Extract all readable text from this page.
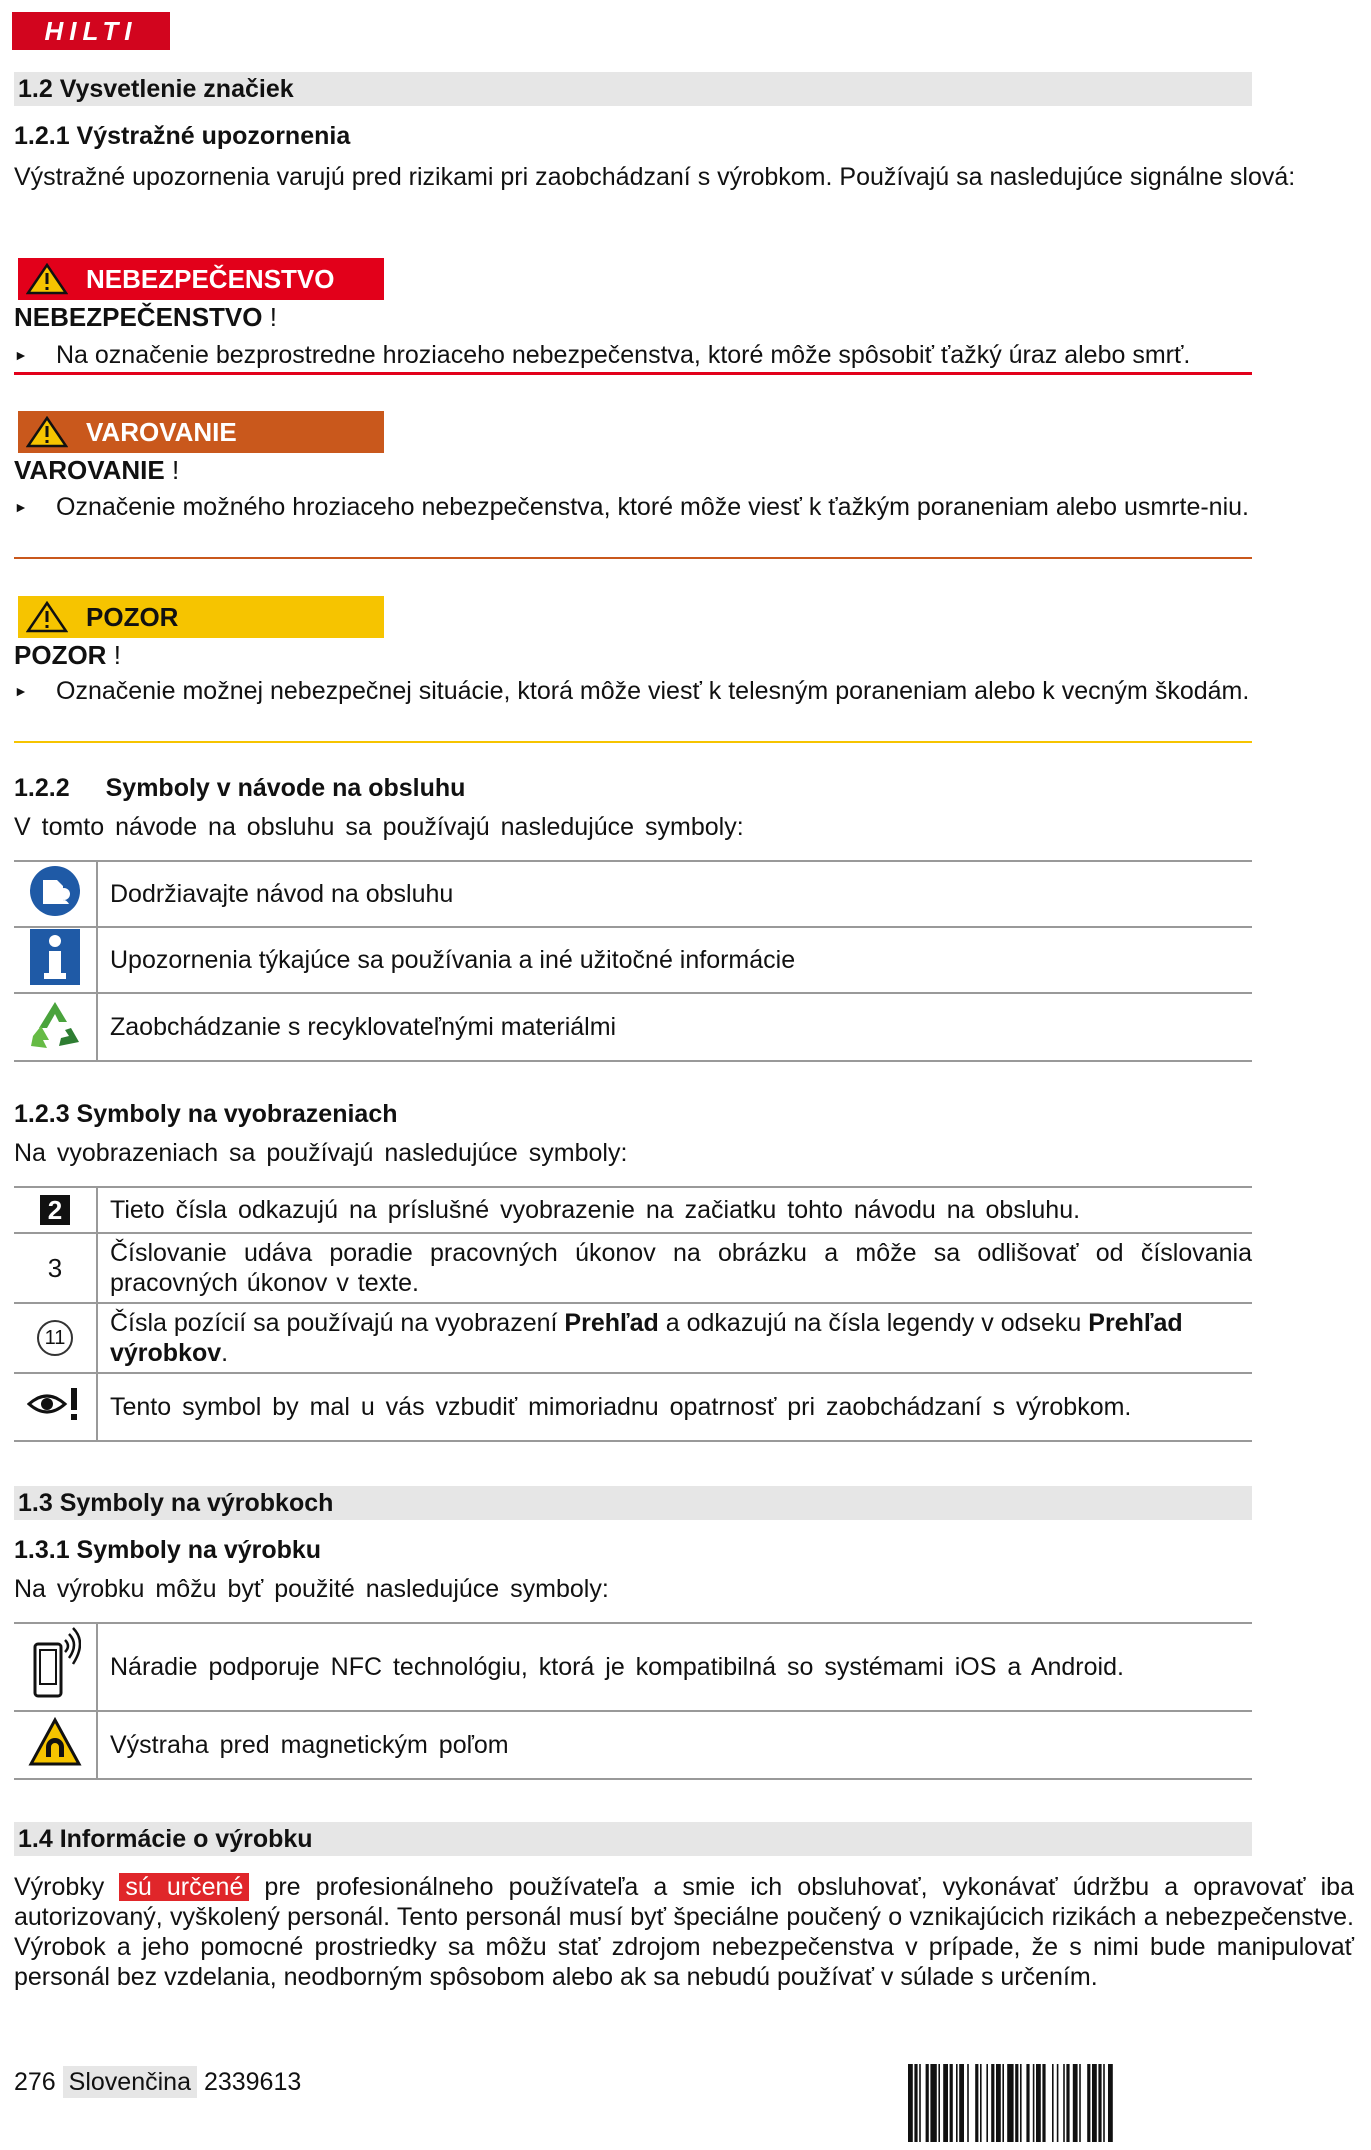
HILTI
1.2 Vysvetlenie značiek
1.2.1 Výstražné upozornenia
Výstražné upozornenia varujú pred rizikami pri zaobchádzaní s výrobkom. Používajú sa nasledujúce signálne slová:
NEBEZPEČENSTVO
NEBEZPEČENSTVO !
► Na označenie bezprostredne hroziaceho nebezpečenstva, ktoré môže spôsobiť ťažký úraz alebo smrť.
VAROVANIE
VAROVANIE !
► Označenie možného hroziaceho nebezpečenstva, ktoré môže viesť k ťažkým poraneniam alebo usmrte-niu.
POZOR
POZOR !
► Označenie možnej nebezpečnej situácie, ktorá môže viesť k telesným poraneniam alebo k vecným škodám.
1.2.2 Symboly v návode na obsluhu
V tomto návode na obsluhu sa používajú nasledujúce symboly:
	Dodržiavajte návod na obsluhu
	Upozornenia týkajúce sa používania a iné užitočné informácie
	Zaobchádzanie s recyklovateľnými materiálmi
1.2.3 Symboly na vyobrazeniach
Na vyobrazeniach sa používajú nasledujúce symboly:
2	Tieto čísla odkazujú na príslušné vyobrazenie na začiatku tohto návodu na obsluhu.
3	Číslovanie udáva poradie pracovných úkonov na obrázku a môže sa odlišovať od číslovania pracovných úkonov v texte.
11	Čísla pozícií sa používajú na vyobrazení Prehľad a odkazujú na čísla legendy v odseku Prehľad výrobkov.
	Tento symbol by mal u vás vzbudiť mimoriadnu opatrnosť pri zaobchádzaní s výrobkom.
1.3 Symboly na výrobkoch
1.3.1 Symboly na výrobku
Na výrobku môžu byť použité nasledujúce symboly:
	Náradie podporuje NFC technológiu, ktorá je kompatibilná so systémami iOS a Android.
	Výstraha pred magnetickým poľom
1.4 Informácie o výrobku
Výrobky sú určené pre profesionálneho používateľa a smie ich obsluhovať, vykonávať údržbu a opravovať iba autorizovaný, vyškolený personál. Tento personál musí byť špeciálne poučený o vznikajúcich rizikách a nebezpečenstve. Výrobok a jeho pomocné prostriedky sa môžu stať zdrojom nebezpečenstva v prípade, že s nimi bude manipulovať personál bez vzdelania, neodborným spôsobom alebo ak sa nebudú používať v súlade s určením.
276 Slovenčina 2339613
